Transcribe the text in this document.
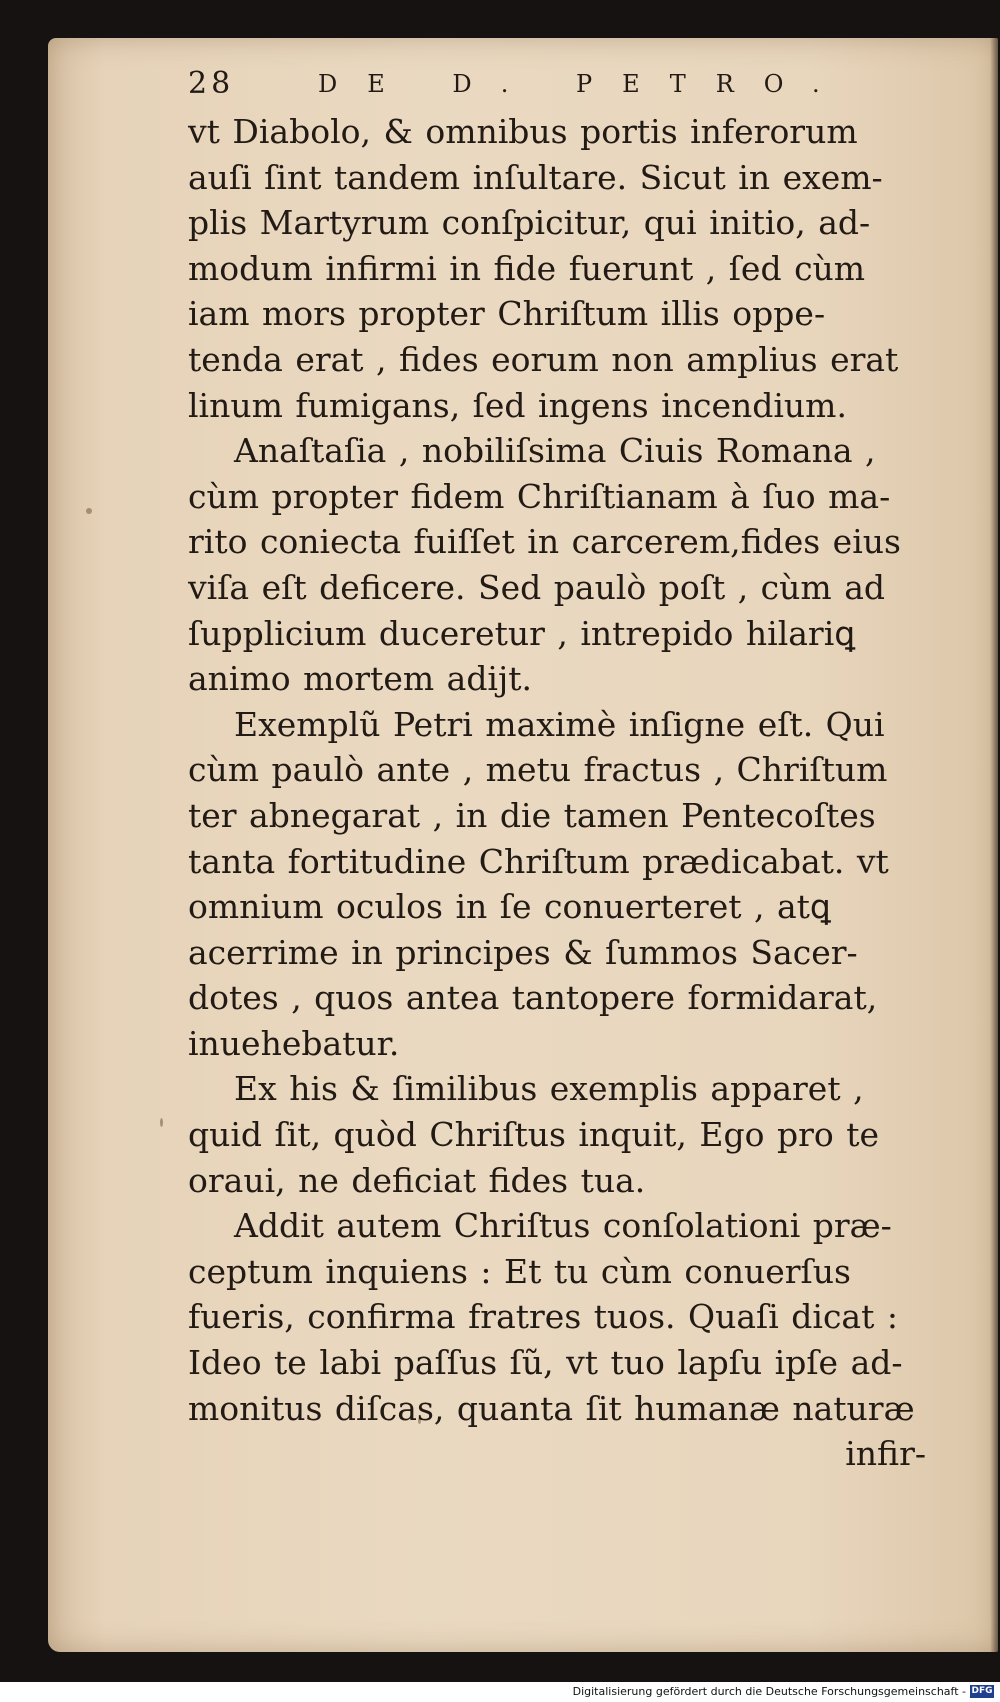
28	DE D. PETRO.
vt Diabolo, & omnibus portis inferorum
auſi ſint tandem inſultare. Sicut in exem-
plis Martyrum conſpicitur, qui initio, ad-
modum infirmi in fide fuerunt , ſed cùm
iam mors propter Chriſtum illis oppe-
tenda erat , fides eorum non amplius erat
linum fumigans, ſed ingens incendium.
Anaſtaſia , nobiliſsima Ciuis Romana ,
cùm propter fidem Chriſtianam à ſuo ma-
rito coniecta fuiſſet in carcerem,fides eius
viſa eſt deficere. Sed paulò poſt , cùm ad
ſupplicium duceretur , intrepido hilariꝗ
animo mortem adijt.
Exemplũ Petri maximè inſigne eſt. Qui
cùm paulò ante , metu fractus , Chriſtum
ter abnegarat , in die tamen Pentecoſtes
tanta fortitudine Chriſtum prædicabat. vt
omnium oculos in ſe conuerteret , atꝗ
acerrime in principes & ſummos Sacer-
dotes , quos antea tantopere formidarat,
inuehebatur.
Ex his & ſimilibus exemplis apparet ,
quid ſit, quòd Chriſtus inquit, Ego pro te
oraui, ne deficiat fides tua.
Addit autem Chriſtus conſolationi præ-
ceptum inquiens : Et tu cùm conuerſus
fueris, confirma fratres tuos. Quaſi dicat :
Ideo te labi paſſus ſũ, vt tuo lapſu ipſe ad-
monitus diſcas, quanta ſit humanæ naturæ
infir-
Digitalisierung gefördert durch die Deutsche Forschungsgemeinschaft - DFG
